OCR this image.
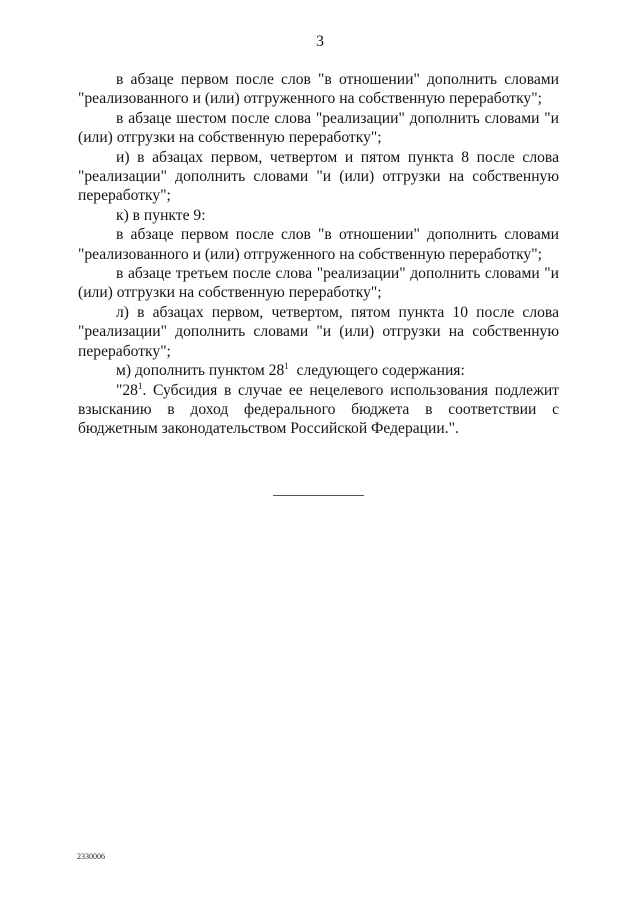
3

в абзаце первом после слов "в отношении" дополнить словами "реализованного и (или) отгруженного на собственную переработку";

в абзаце шестом после слова "реализации" дополнить словами "и (или) отгрузки на собственную переработку";

и) в абзацах первом, четвертом и пятом пункта 8 после слова "реализации" дополнить словами "и (или) отгрузки на собственную переработку";

к) в пункте 9:

в абзаце первом после слов "в отношении" дополнить словами "реализованного и (или) отгруженного на собственную переработку";

в абзаце третьем после слова "реализации" дополнить словами "и (или) отгрузки на собственную переработку";

л) в абзацах первом, четвертом, пятом пункта 10 после слова "реализации" дополнить словами "и (или) отгрузки на собственную переработку";

м) дополнить пунктом $28^1$  следующего содержания:

"$28^1$. Субсидия в случае ее нецелевого использования подлежит взысканию в доход федерального бюджета в соответствии с бюджетным законодательством Российской Федерации.".

2330006
